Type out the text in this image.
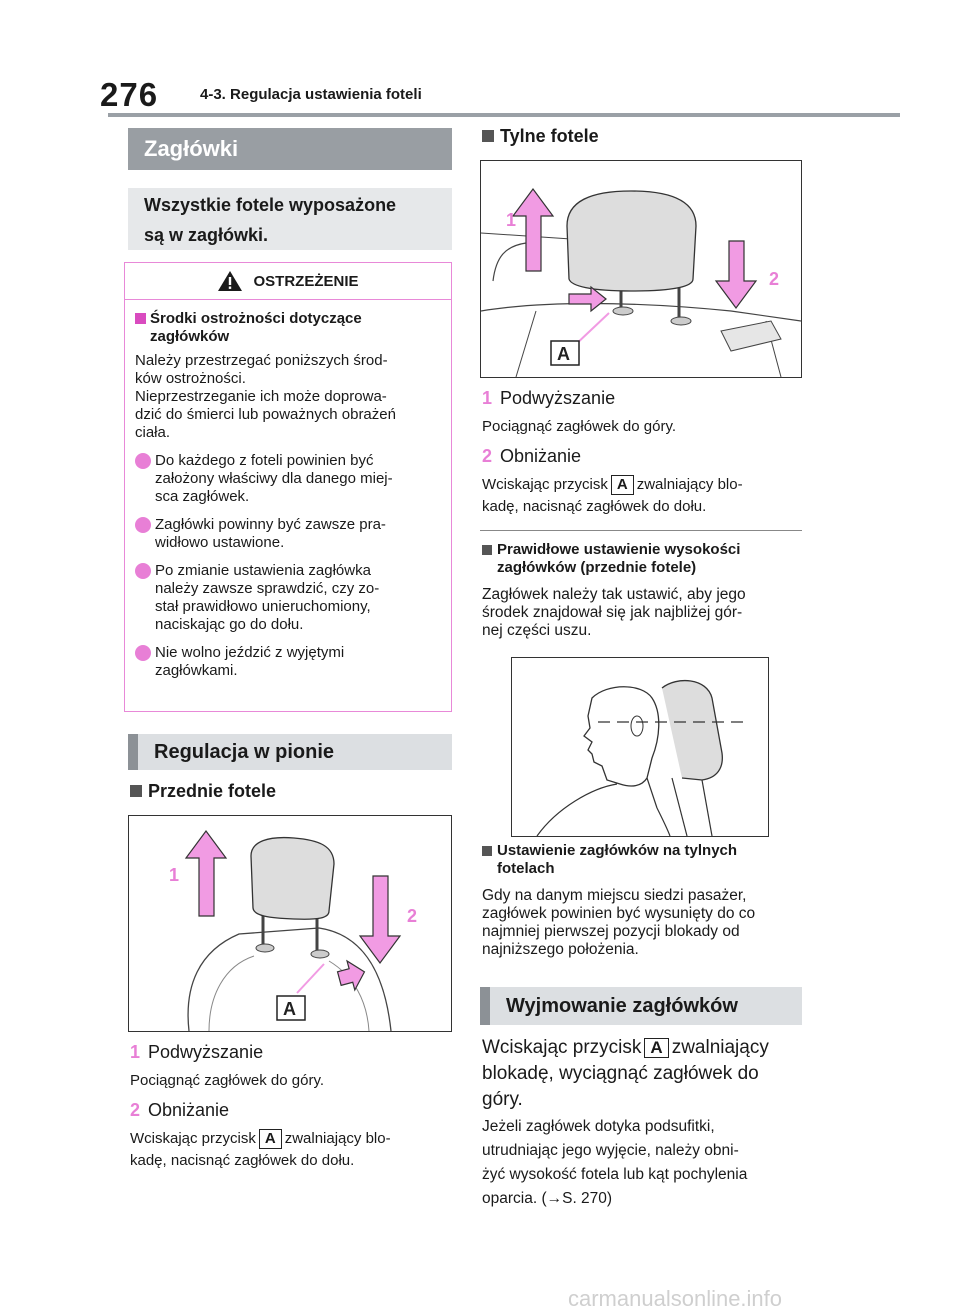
276	4-3. Regulacja ustawienia foteli
Zagłówki
Wszystkie fotele wyposażone
są w zagłówki.
OSTRZEŻENIE
Środki ostrożności dotyczące
zagłówków
Należy przestrzegać poniższych środ-
ków ostrożności.
Nieprzestrzeganie ich może doprowa-
dzić do śmierci lub poważnych obrażeń
ciała.
Do każdego z foteli powinien być
założony właściwy dla danego miej-
sca zagłówek.
Zagłówki powinny być zawsze pra-
widłowo ustawione.
Po zmianie ustawienia zagłówka
należy zawsze sprawdzić, czy zo-
stał prawidłowo unieruchomiony,
naciskając go do dołu.
Nie wolno jeździć z wyjętymi
zagłówkami.
Regulacja w pionie
Przednie fotele
1
2
A
1 Podwyższanie
Pociągnąć zagłówek do góry.
2 Obniżanie
Wciskając przycisk A zwalniający blo-
kadę, nacisnąć zagłówek do dołu.
Tylne fotele
1
2
A
1 Podwyższanie
Pociągnąć zagłówek do góry.
2 Obniżanie
Wciskając przycisk A zwalniający blo-
kadę, nacisnąć zagłówek do dołu.
Prawidłowe ustawienie wysokości
zagłówków (przednie fotele)
Zagłówek należy tak ustawić, aby jego
środek znajdował się jak najbliżej gór-
nej części uszu.
Ustawienie zagłówków na tylnych
fotelach
Gdy na danym miejscu siedzi pasażer,
zagłówek powinien być wysunięty do co
najmniej pierwszej pozycji blokady od
najniższego położenia.
Wyjmowanie zagłówków
Wciskając przycisk A zwalniający
blokadę, wyciągnąć zagłówek do
góry.
Jeżeli zagłówek dotyka podsufitki,
utrudniając jego wyjęcie, należy obni-
żyć wysokość fotela lub kąt pochylenia
oparcia. (→S. 270)
carmanualsonline.info
